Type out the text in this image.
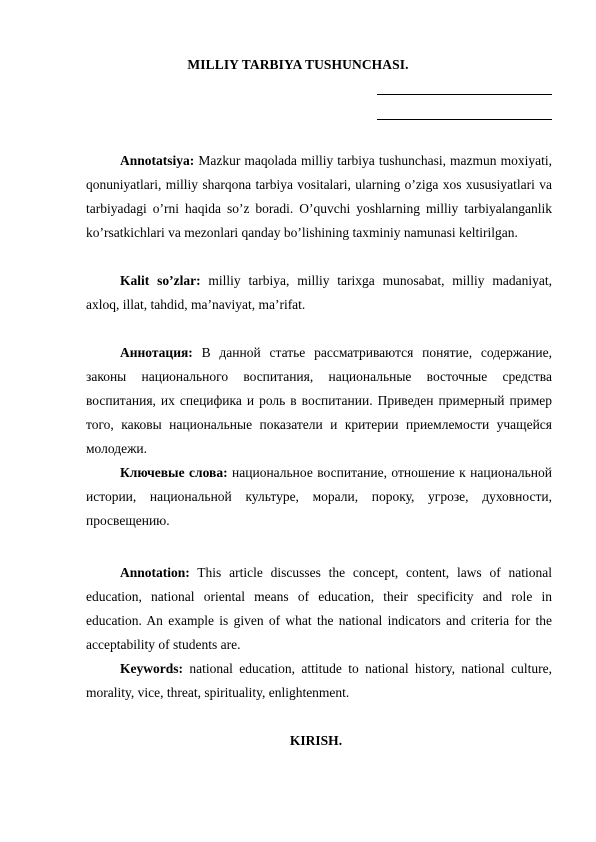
MILLIY TARBIYA TUSHUNCHASI.

Annotatsiya: Mazkur maqolada milliy tarbiya tushunchasi, mazmun moxiyati, qonuniyatlari, milliy sharqona tarbiya vositalari, ularning o’ziga xos xususiyatlari va tarbiyadagi o’rni haqida so’z boradi. O’quvchi yoshlarning milliy tarbiyalanganlik ko’rsatkichlari va mezonlari qanday bo’lishining taxminiy namunasi keltirilgan.

Kalit so’zlar: milliy tarbiya, milliy tarixga munosabat, milliy madaniyat, axloq, illat, tahdid, ma’naviyat, ma’rifat.

Аннотация: В данной статье рассматриваются понятие, содержание, законы национального воспитания, национальные восточные средства воспитания, их специфика и роль в воспитании. Приведен примерный пример того, каковы национальные показатели и критерии приемлемости учащейся молодежи.

Ключевые слова: национальное воспитание, отношение к национальной истории, национальной культуре, морали, пороку, угрозе, духовности, просвещению.

Annotation: This article discusses the concept, content, laws of national education, national oriental means of education, their specificity and role in education. An example is given of what the national indicators and criteria for the acceptability of students are.

Keywords: national education, attitude to national history, national culture, morality, vice, threat, spirituality, enlightenment.

KIRISH.
